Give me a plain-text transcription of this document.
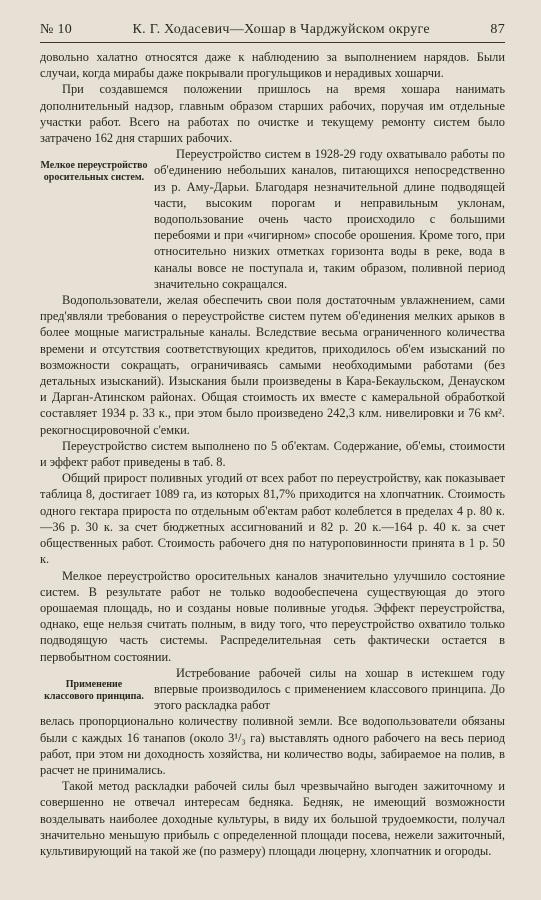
№ 10	К. Г. Ходасевич—Хошар в Чарджуйском округе	87

довольно халатно относятся даже к наблюдению за выполнением нарядов. Были случаи, когда мирабы даже покрывали прогульщиков и нерадивых хошарчи.

При создавшемся положении пришлось на время хошара нанимать дополнительный надзор, главным образом старших рабочих, поручая им отдельные участки работ. Всего на работах по очистке и текущему ремонту систем было затрачено 162 дня старших рабочих.

Мелкое переустройство оросительных систем.

Переустройство систем в 1928-29 году охватывало работы по об'единению небольших каналов, питающихся непосредственно из р. Аму-Дарьи. Благодаря незначительной длине подводящей части, высоким порогам и неправильным уклонам, водопользование очень часто происходило с большими перебоями и при «чигирном» способе орошения. Кроме того, при относительно низких отметках горизонта воды в реке, вода в каналы вовсе не поступала и, таким образом, поливной период значительно сокращался.

Водопользователи, желая обеспечить свои поля достаточным увлажнением, сами пред'являли требования о переустройстве систем путем об'единения мелких арыков в более мощные магистральные каналы. Вследствие весьма ограниченного количества времени и отсутствия соответствующих кредитов, приходилось об'ем изысканий по возможности сокращать, ограничиваясь самыми необходимыми работами (без детальных изысканий). Изыскания были произведены в Кара-Бекаульском, Денауском и Дарган-Атинском районах. Общая стоимость их вместе с камеральной обработкой составляет 1934 р. 33 к., при этом было произведено 242,3 клм. нивелировки и 76 км². рекогносцировочной с'емки.

Переустройство систем выполнено по 5 об'ектам. Содержание, об'емы, стоимости и эффект работ приведены в таб. 8.

Общий прирост поливных угодий от всех работ по переустройству, как показывает таблица 8, достигает 1089 га, из которых 81,7% приходится на хлопчатник. Стоимость одного гектара прироста по отдельным об'ектам работ колеблется в пределах 4 р. 80 к.—36 р. 30 к. за счет бюджетных ассигнований и 82 р. 20 к.—164 р. 40 к. за счет общественных работ. Стоимость рабочего дня по натуроповинности принята в 1 р. 50 к.

Мелкое переустройство оросительных каналов значительно улучшило состояние систем. В результате работ не только водообеспечена существующая до этого орошаемая площадь, но и созданы новые поливные угодья. Эффект переустройства, однако, еще нельзя считать полным, в виду того, что переустройство охватило только подводящую часть системы. Распределительная сеть фактически остается в первобытном состоянии.

Применение классового принципа.

Истребование рабочей силы на хошар в истекшем году впервые производилось с применением классового принципа. До этого раскладка работ

велась пропорционально количеству поливной земли. Все водопользователи обязаны были с каждых 16 танапов (около 3¹/₃ га) выставлять одного рабочего на весь период работ, при этом ни доходность хозяйства, ни количество воды, забираемое на полив, в расчет не принимались.

Такой метод раскладки рабочей силы был чрезвычайно выгоден зажиточному и совершенно не отвечал интересам бедняка. Бедняк, не имеющий возможности возделывать наиболее доходные культуры, в виду их большой трудоемкости, получал значительно меньшую прибыль с определенной площади посева, нежели зажиточный, культивирующий на такой же (по размеру) площади люцерну, хлопчатник и огороды.
